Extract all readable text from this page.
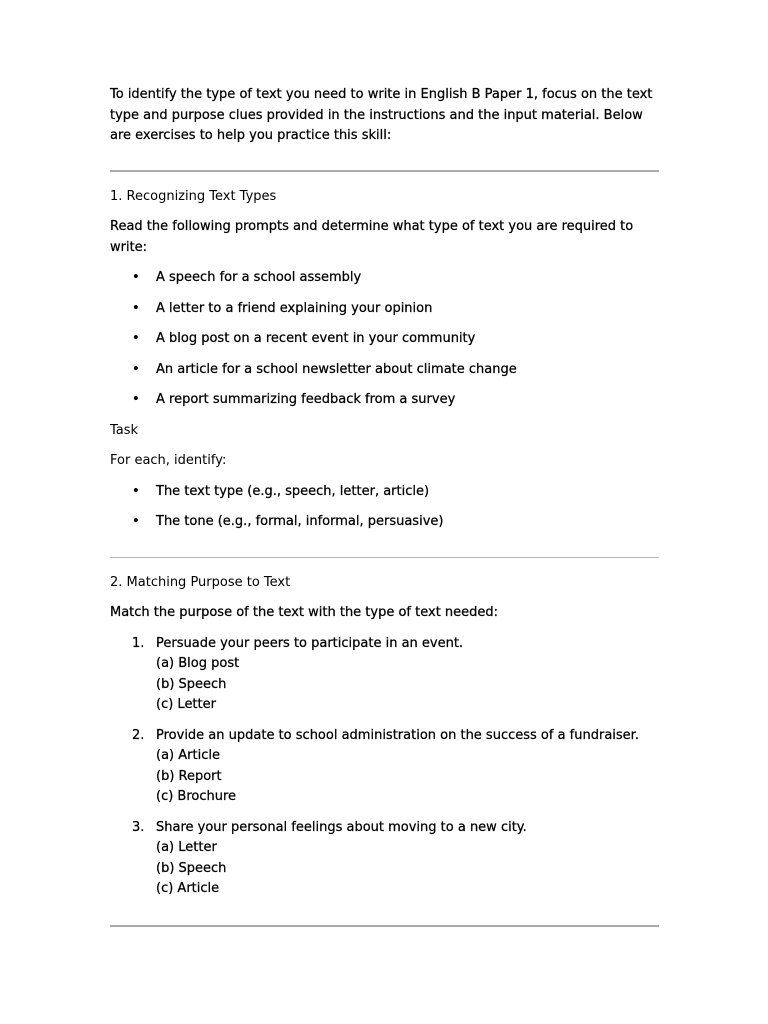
To identify the type of text you need to write in English B Paper 1, focus on the text type and purpose clues provided in the instructions and the input material. Below are exercises to help you practice this skill:

1. Recognizing Text Types

Read the following prompts and determine what type of text you are required to write:

• A speech for a school assembly
• A letter to a friend explaining your opinion
• A blog post on a recent event in your community
• An article for a school newsletter about climate change
• A report summarizing feedback from a survey

Task

For each, identify:

• The text type (e.g., speech, letter, article)
• The tone (e.g., formal, informal, persuasive)

2. Matching Purpose to Text

Match the purpose of the text with the type of text needed:

1. Persuade your peers to participate in an event.
(a) Blog post
(b) Speech
(c) Letter
2. Provide an update to school administration on the success of a fundraiser.
(a) Article
(b) Report
(c) Brochure
3. Share your personal feelings about moving to a new city.
(a) Letter
(b) Speech
(c) Article
